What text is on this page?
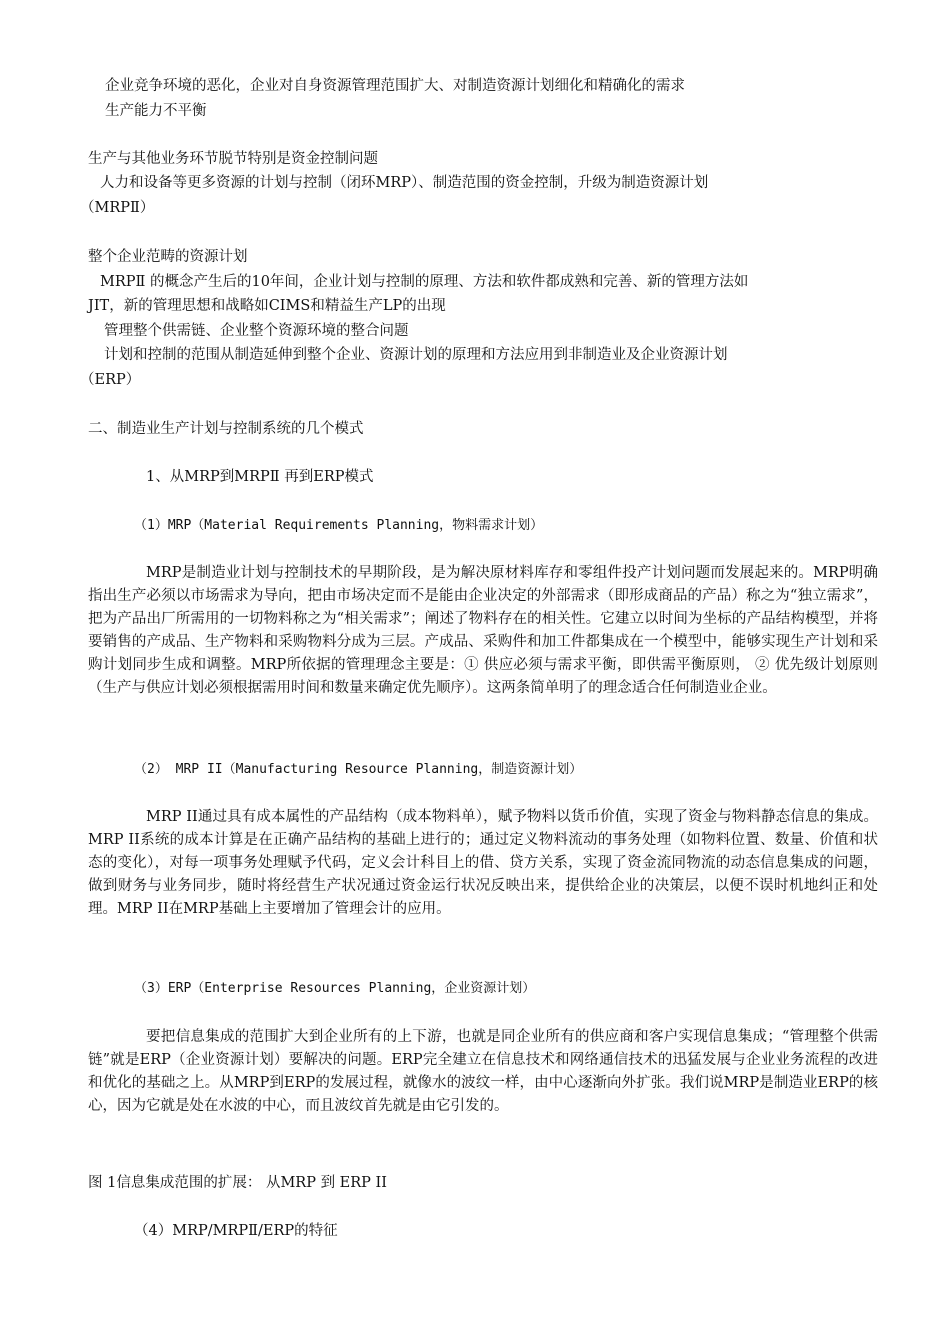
企业竞争环境的恶化，企业对自身资源管理范围扩大、对制造资源计划细化和精确化的需求

生产能力不平衡

生产与其他业务环节脱节特别是资金控制问题

人力和设备等更多资源的计划与控制（闭环MRP）、制造范围的资金控制，升级为制造资源计划

（MRPⅡ）

整个企业范畴的资源计划

MRPⅡ 的概念产生后的10年间，企业计划与控制的原理、方法和软件都成熟和完善、新的管理方法如

JIT，新的管理思想和战略如CIMS和精益生产LP的出现

管理整个供需链、企业整个资源环境的整合问题

计划和控制的范围从制造延伸到整个企业、资源计划的原理和方法应用到非制造业及企业资源计划

（ERP）

二、制造业生产计划与控制系统的几个模式

1、从MRP到MRPⅡ 再到ERP模式

（1）MRP（Material Requirements Planning，物料需求计划）

MRP是制造业计划与控制技术的早期阶段，是为解决原材料库存和零组件投产计划问题而发展起来的。MRP明确指出生产必须以市场需求为导向，把由市场决定而不是能由企业决定的外部需求（即形成商品的产品）称之为“独立需求”，把为产品出厂所需用的一切物料称之为“相关需求”；阐述了物料存在的相关性。它建立以时间为坐标的产品结构模型，并将要销售的产成品、生产物料和采购物料分成为三层。产成品、采购件和加工件都集成在一个模型中，能够实现生产计划和采购计划同步生成和调整。MRP所依据的管理理念主要是：① 供应必须与需求平衡，即供需平衡原则， ② 优先级计划原则（生产与供应计划必须根据需用时间和数量来确定优先顺序）。这两条简单明了的理念适合任何制造业企业。

（2） MRP II（Manufacturing Resource Planning，制造资源计划）

MRP II通过具有成本属性的产品结构（成本物料单），赋予物料以货币价值，实现了资金与物料静态信息的集成。MRP II系统的成本计算是在正确产品结构的基础上进行的；通过定义物料流动的事务处理（如物料位置、数量、价值和状态的变化），对每一项事务处理赋予代码，定义会计科目上的借、贷方关系，实现了资金流同物流的动态信息集成的问题，做到财务与业务同步，随时将经营生产状况通过资金运行状况反映出来，提供给企业的决策层，以便不误时机地纠正和处理。MRP II在MRP基础上主要增加了管理会计的应用。

（3）ERP（Enterprise Resources Planning，企业资源计划）

要把信息集成的范围扩大到企业所有的上下游，也就是同企业所有的供应商和客户实现信息集成；“管理整个供需链”就是ERP（企业资源计划）要解决的问题。ERP完全建立在信息技术和网络通信技术的迅猛发展与企业业务流程的改进和优化的基础之上。从MRP到ERP的发展过程，就像水的波纹一样，由中心逐渐向外扩张。我们说MRP是制造业ERP的核心，因为它就是处在水波的中心，而且波纹首先就是由它引发的。

图 1信息集成范围的扩展： 从MRP 到 ERP II

（4）MRP/MRPⅡ/ERP的特征
